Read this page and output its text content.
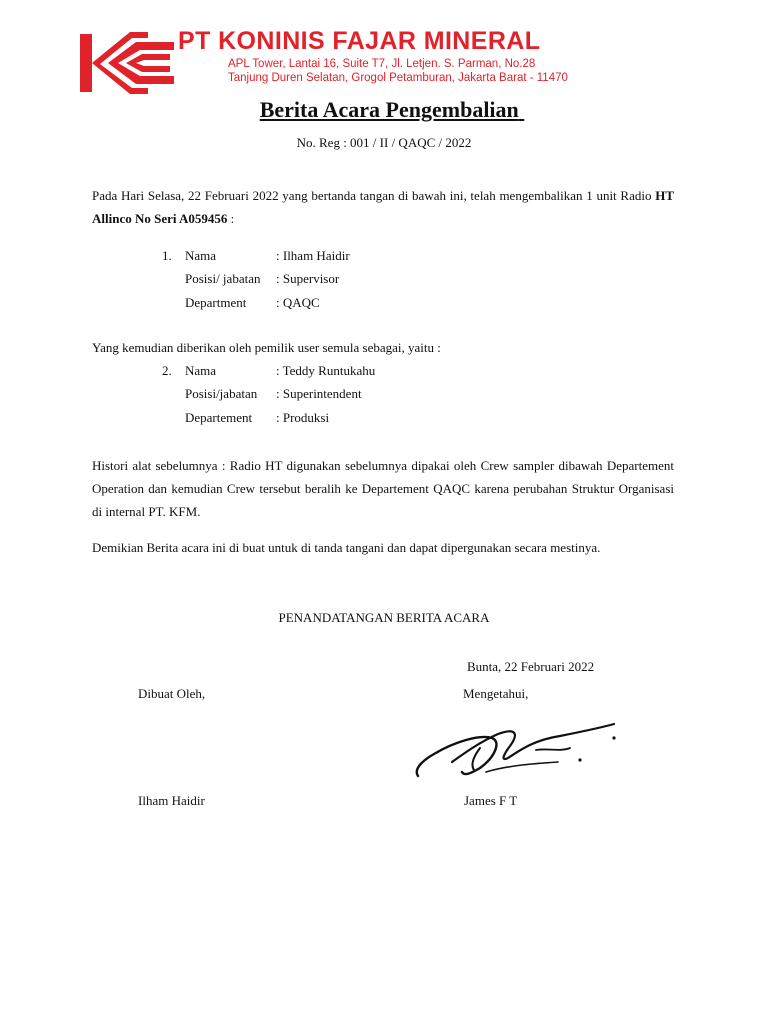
PT KONINIS FAJAR MINERAL
APL Tower, Lantai 16, Suite T7, Jl. Letjen. S. Parman, No.28
Tanjung Duren Selatan, Grogol Petamburan, Jakarta Barat - 11470
Berita Acara Pengembalian
No. Reg : 001 / II / QAQC / 2022
Pada Hari Selasa, 22 Februari 2022 yang bertanda tangan di bawah ini, telah mengembalikan 1 unit Radio HT Allinco No Seri A059456 :
1. Nama	: Ilham Haidir
Posisi/ jabatan : Supervisor
Department : QAQC
Yang kemudian diberikan oleh pemilik user semula sebagai, yaitu :
2. Nama	: Teddy Runtukahu
Posisi/jabatan : Superintendent
Departement : Produksi
Histori alat sebelumnya : Radio HT digunakan sebelumnya dipakai oleh Crew sampler dibawah Departement Operation dan kemudian Crew tersebut beralih ke Departement QAQC karena perubahan Struktur Organisasi di internal PT. KFM.
Demikian Berita acara ini di buat untuk di tanda tangani dan dapat dipergunakan secara mestinya.
PENANDATANGAN BERITA ACARA
Bunta, 22 Februari 2022
Dibuat Oleh,	Mengetahui,
Ilham Haidir	James F T
